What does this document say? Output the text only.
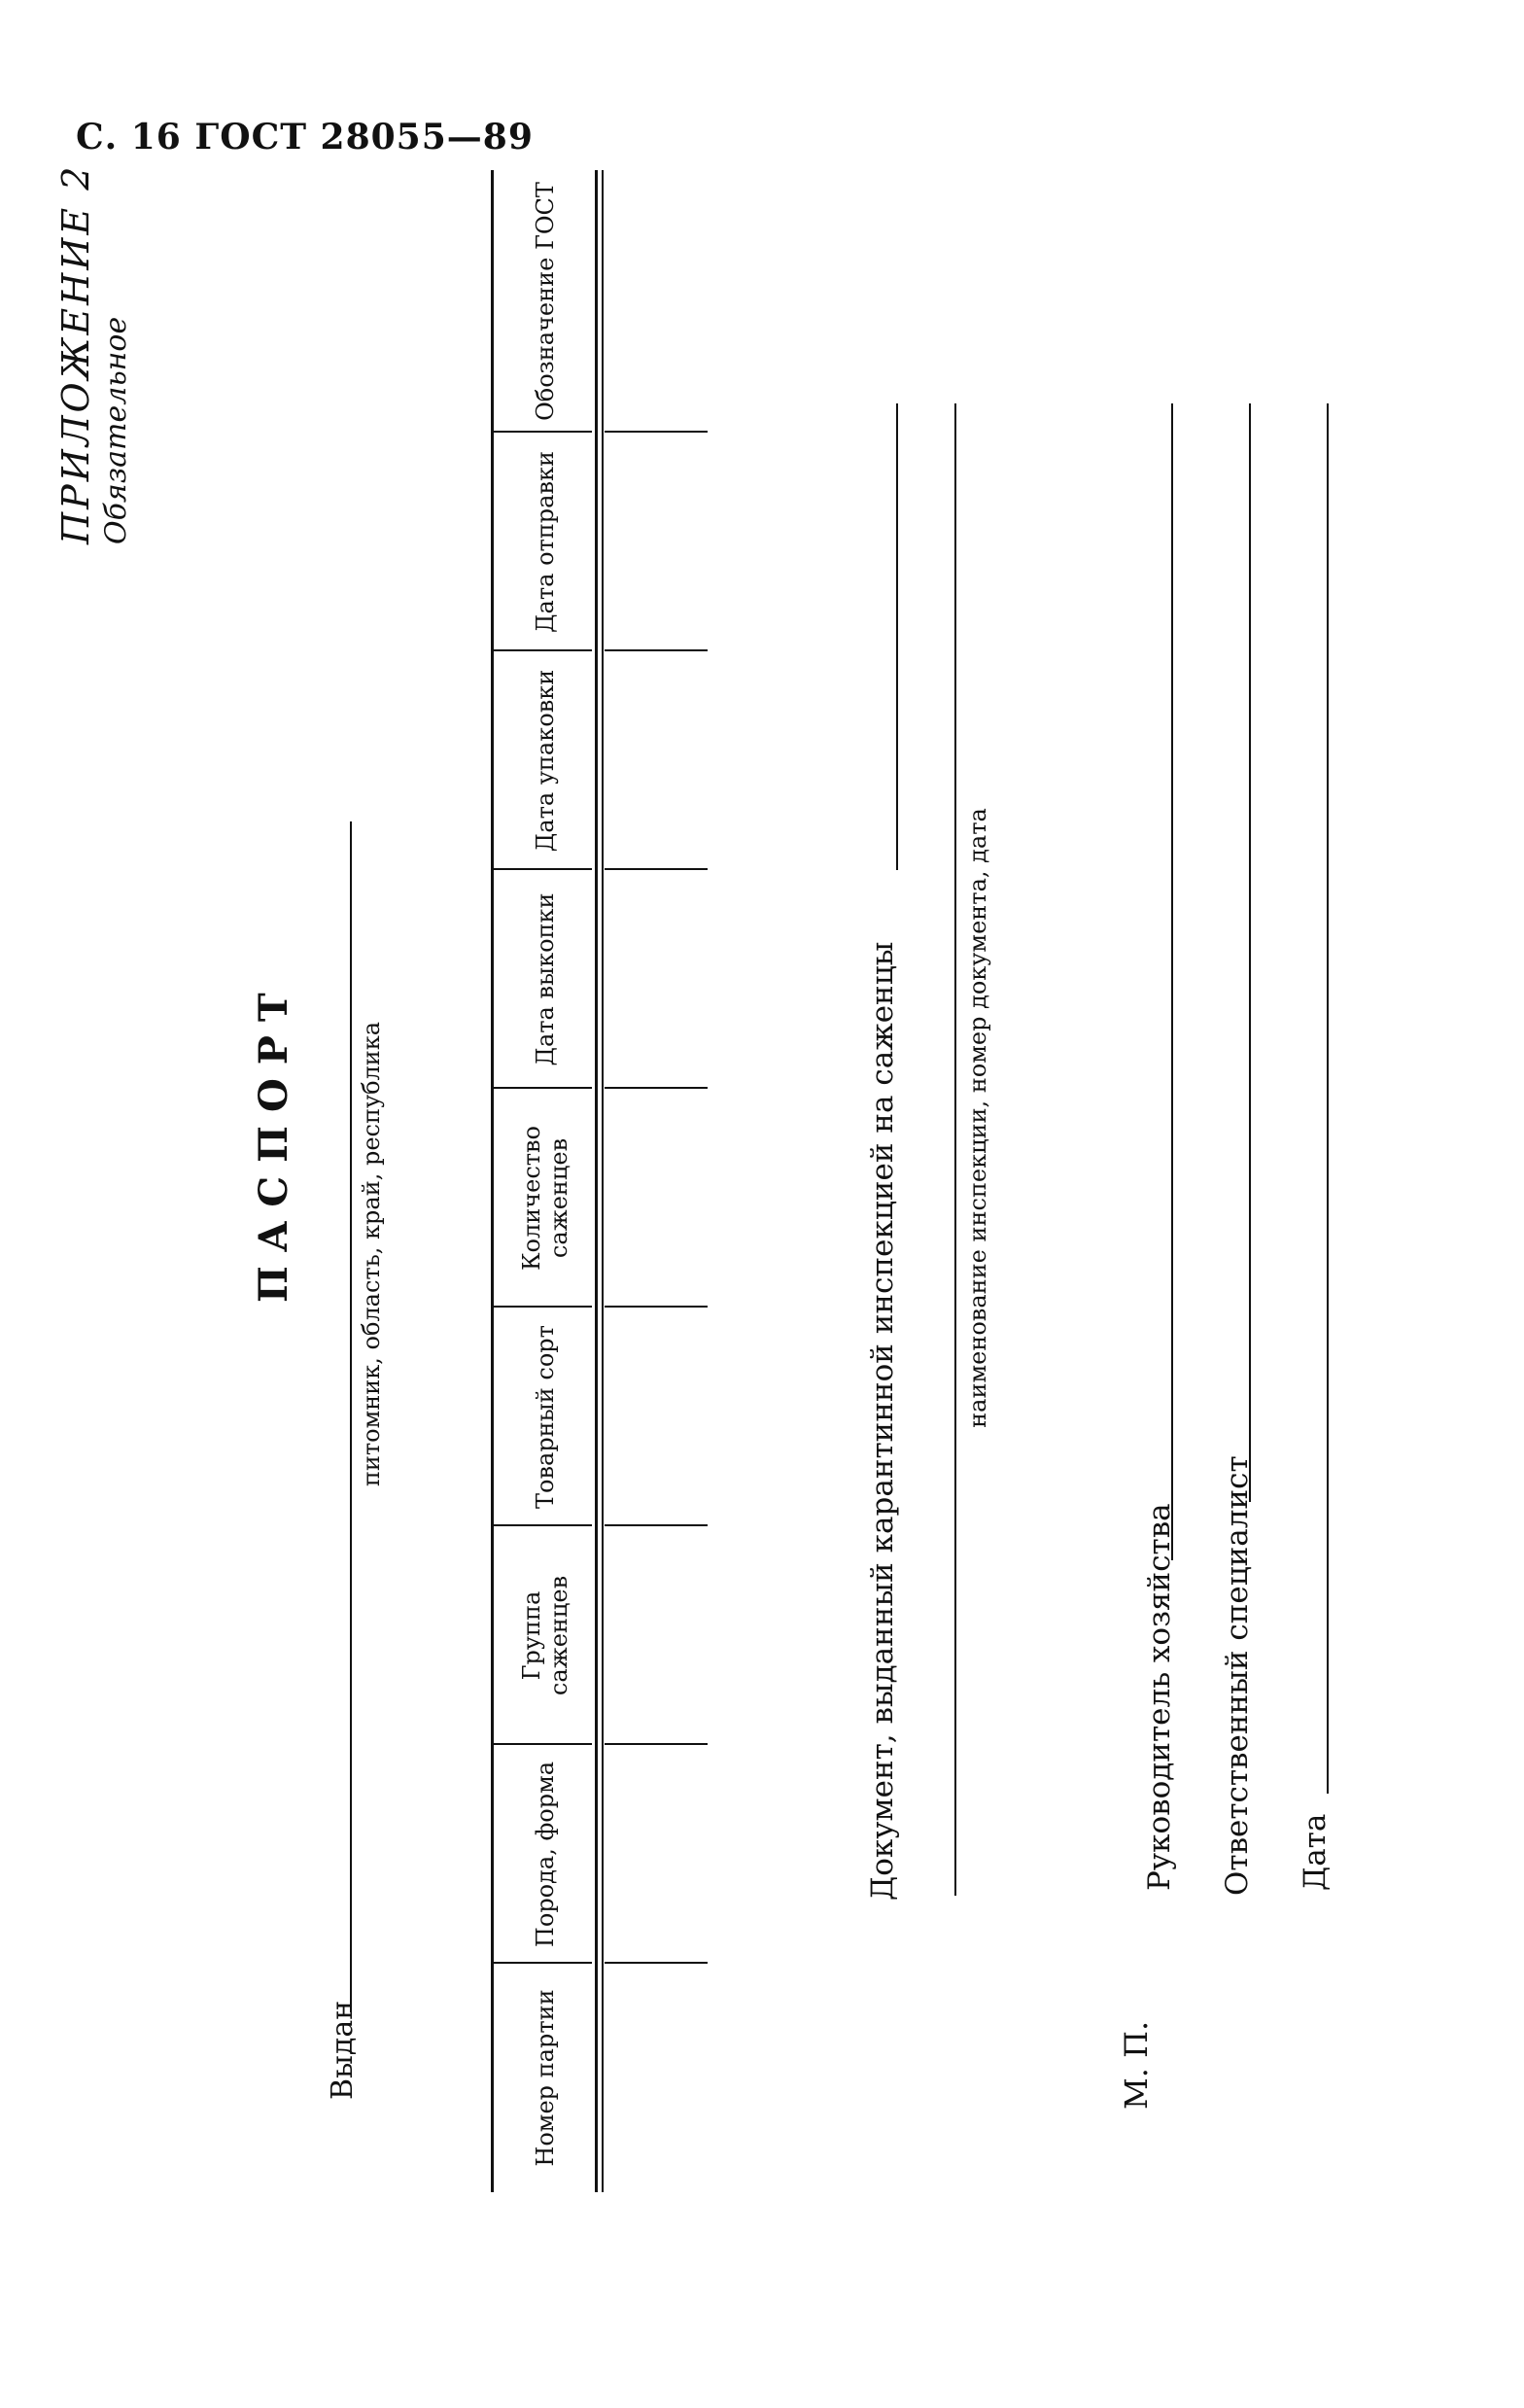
С. 16 ГОСТ 28055—89
ПРИЛОЖЕНИЕ 2 Обязательное
ПАСПОРТ
Выдан
питомник, область, край, республика
Номер партии
Порода, форма
Группа саженцев
Товарный сорт
Количество саженцев
Дата выкопки
Дата упаковки
Дата отправки
Обозначение ГОСТ
Документ, выданный карантинной инспекцией на саженцы	наименование инспекции, номер документа, дата
М. П.
Руководитель хозяйства Ответственный специалист Дата
